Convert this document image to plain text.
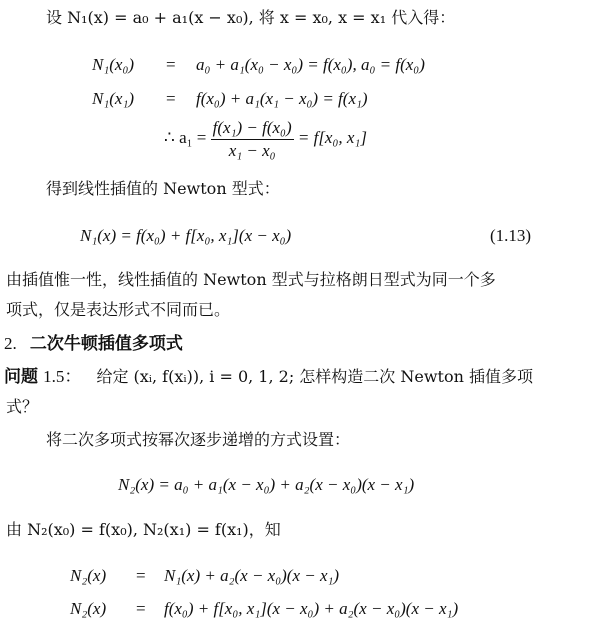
设 N₁(x) = a₀ + a₁(x − x₀), 将 x = x₀, x = x₁ 代入得：
N₁(x₀) = a₀ + a₁(x₀ − x₀) = f(x₀), a₀ = f(x₀)
N₁(x₁) = f(x₀) + a₁(x₁ − x₀) = f(x₁)
∴ $a_1 = \frac{\text{f(x₁) − f(x₀)}}{\text{x₁ − x₀}} = f[x_0$, x₁]
得到线性插值的 Newton 型式：
N₁(x) = f(x₀) + f[x₀, x₁](x − x₀)	(1.13)
由插值惟一性，线性插值的 Newton 型式与拉格朗日型式为同一个多
项式，仅是表达形式不同而已。
2. 二次牛顿插值多项式
问题 1.5： 给定 (xᵢ, f(xᵢ)), i = 0, 1, 2; 怎样构造二次 Newton 插值多项
式？
将二次多项式按幂次逐步递增的方式设置：
N₂(x) = a₀ + a₁(x − x₀) + a₂(x − x₀)(x − x₁)
由 N₂(x₀) = f(x₀), N₂(x₁) = f(x₁)，知
N₂(x) = N₁(x) + a₂(x − x₀)(x − x₁)
N₂(x) = f(x₀) + f[x₀, x₁](x − x₀) + a₂(x − x₀)(x − x₁)
